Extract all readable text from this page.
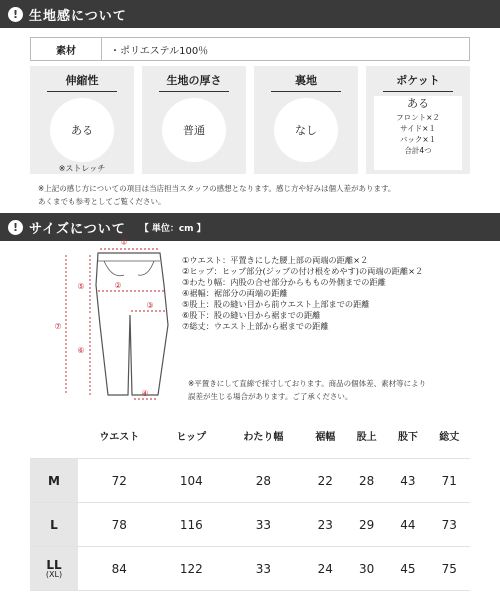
! 生地感について
素材	・ポリエステル100％
伸縮性
ある
※ストレッチ
生地の厚さ
普通
裏地
なし
ポケット
ある
フロント×２
サイド×１
バック×１
合計4つ
※上記の感じ方についての項目は当店担当スタッフの感想となります。感じ方や好みは個人差があります。
あくまでも参考としてご覧ください。
! サイズについて 【 単位：cm 】
①
②
③
④
⑤
⑥
⑦
①ウエスト：平置きにした腰上部の両端の距離×２
②ヒップ：ヒップ部分(ジップの付け根をめやす)の両端の距離×２
③わたり幅：内股の合せ部分からももの外側までの距離
④裾幅：裾部分の両端の距離
⑤股上：股の縫い目から前ウエスト上部までの距離
⑥股下：股の縫い目から裾までの距離
⑦総丈：ウエスト上部から裾までの距離
※平置きにして直線で採寸しております。商品の個体差、素材等により
誤差が生じる場合があります。ご了承ください。
	ウエスト	ヒップ	わたり幅	裾幅	股上	股下	総丈
M	72	104	28	22	28	43	71
L	78	116	33	23	29	44	73
LL
(XL)	84	122	33	24	30	45	75
